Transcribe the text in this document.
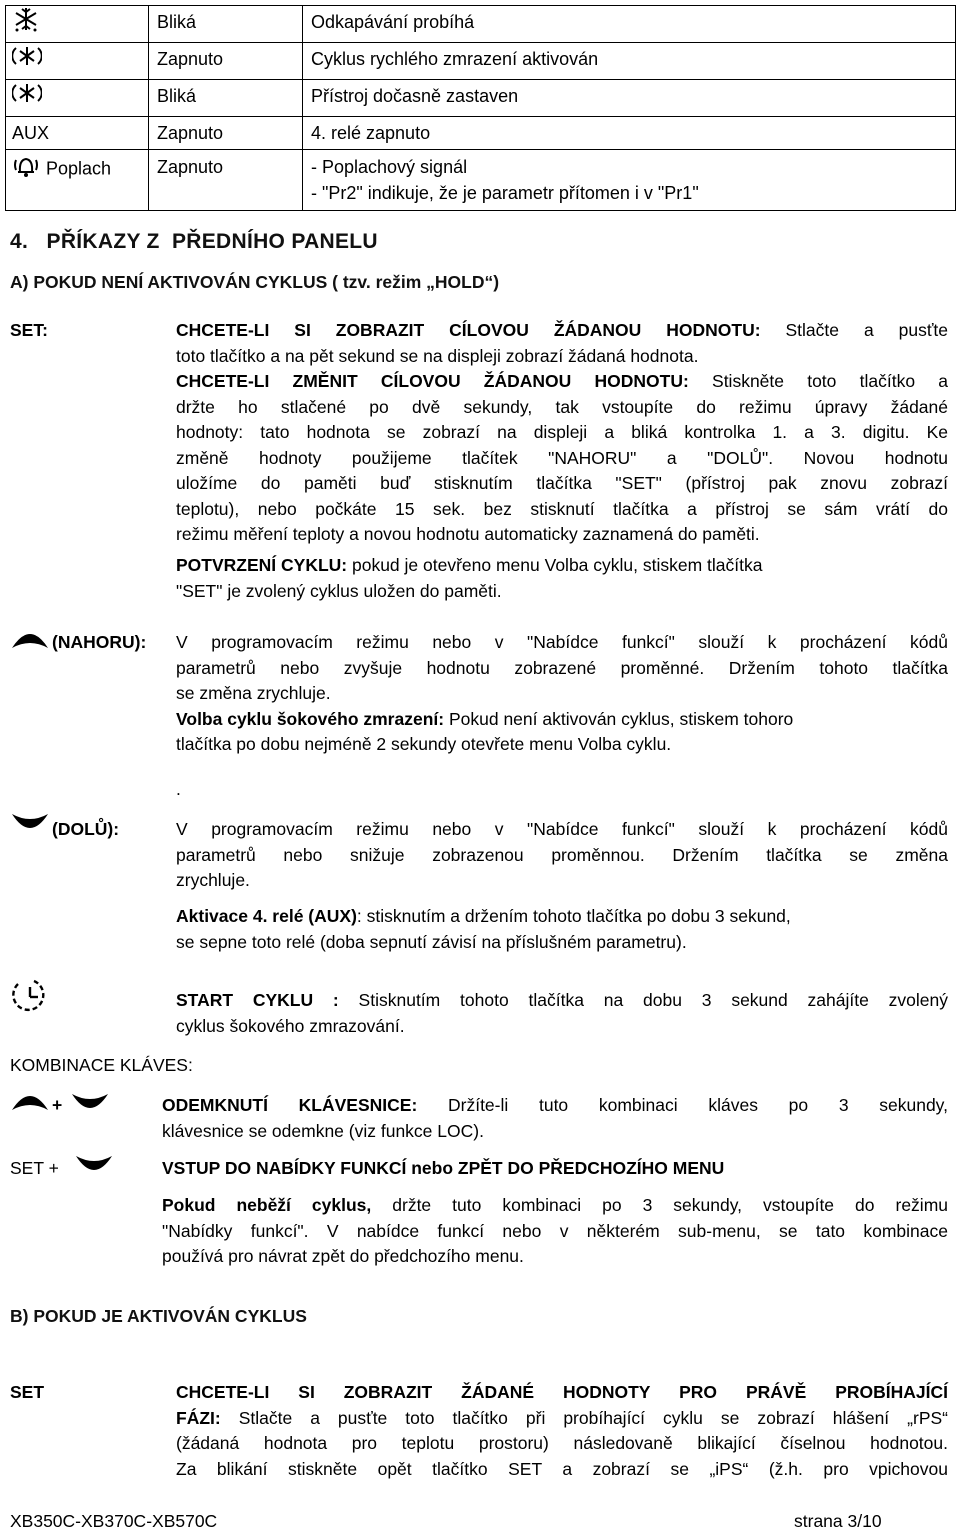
	Bliká	Odkapávání probíhá
	Zapnuto	Cyklus rychlého zmrazení aktivován
	Bliká	Přístroj dočasně zastaven
AUX	Zapnuto	4. relé zapnuto
Poplach	Zapnuto	- Poplachový signál
- "Pr2" indikuje, že je parametr přítomen i v "Pr1"
4.   PŘÍKAZY Z  PŘEDNÍHO PANELU
A) POKUD NENÍ AKTIVOVÁN CYKLUS ( tzv. režim „HOLD“)
SET:	CHCETE-LI SI ZOBRAZIT CÍLOVOU ŽÁDANOU HODNOTU: Stlačte a pusťte
toto tlačítko a na pět sekund se na displeji zobrazí žádaná hodnota.
CHCETE-LI ZMĚNIT CÍLOVOU ŽÁDANOU HODNOTU: Stiskněte toto tlačítko a
držte ho stlačené po dvě sekundy, tak vstoupíte do režimu úpravy žádané
hodnoty: tato hodnota se zobrazí na displeji a bliká kontrolka 1. a 3. digitu. Ke
změně hodnoty použijeme tlačítek "NAHORU" a "DOLŮ". Novou hodnotu
uložíme do paměti buď stisknutím tlačítka "SET" (přístroj pak znovu zobrazí
teplotu), nebo počkáte 15 sek. bez stisknutí tlačítka a přístroj se sám vrátí do
režimu měření teploty a novou hodnotu automaticky zaznamená do paměti.
POTVRZENÍ CYKLU: pokud je otevřeno menu Volba cyklu, stiskem tlačítka
"SET" je zvolený cyklus uložen do paměti.
(NAHORU): V programovacím režimu nebo v "Nabídce funkcí" slouží k procházení kódů
parametrů nebo zvyšuje hodnotu zobrazené proměnné. Držením tohoto tlačítka
se změna zrychluje.
Volba cyklu šokového zmrazení: Pokud není aktivován cyklus, stiskem tohoro
tlačítka po dobu nejméně 2 sekundy otevřete menu Volba cyklu.
.
(DOLŮ):	V programovacím režimu nebo v "Nabídce funkcí" slouží k procházení kódů
parametrů nebo snižuje zobrazenou proměnnou. Držením tlačítka se změna
zrychluje.
Aktivace 4. relé (AUX): stisknutím a držením tohoto tlačítka po dobu 3 sekund,
se sepne toto relé (doba sepnutí závisí na příslušném parametru).
START CYKLU : Stisknutím tohoto tlačítka na dobu 3 sekund zahájíte zvolený
cyklus šokového zmrazování.
KOMBINACE KLÁVES:
+	ODEMKNUTÍ KLÁVESNICE: Držíte-li tuto kombinaci kláves po 3 sekundy,
klávesnice se odemkne (viz funkce LOC).
SET +	VSTUP DO NABÍDKY FUNKCÍ nebo ZPĚT DO PŘEDCHOZÍHO MENU
Pokud neběží cyklus, držte tuto kombinaci po 3 sekundy, vstoupíte do režimu
"Nabídky funkcí". V nabídce funkcí nebo v některém sub-menu, se tato kombinace
používá pro návrat zpět do předchozího menu.
B) POKUD JE AKTIVOVÁN CYKLUS
SET	CHCETE-LI SI ZOBRAZIT ŽÁDANÉ HODNOTY PRO PRÁVĚ PROBÍHAJÍCÍ
FÁZI: Stlačte a pusťte toto tlačítko při probíhající cyklu se zobrazí hlášení „rPS“
(žádaná hodnota pro teplotu prostoru) následovaně blikající číselnou hodnotou.
Za blikání stiskněte opět tlačítko SET a zobrazí se „iPS“ (ž.h. pro vpichovou
XB350C-XB370C-XB570C	strana 3/10
